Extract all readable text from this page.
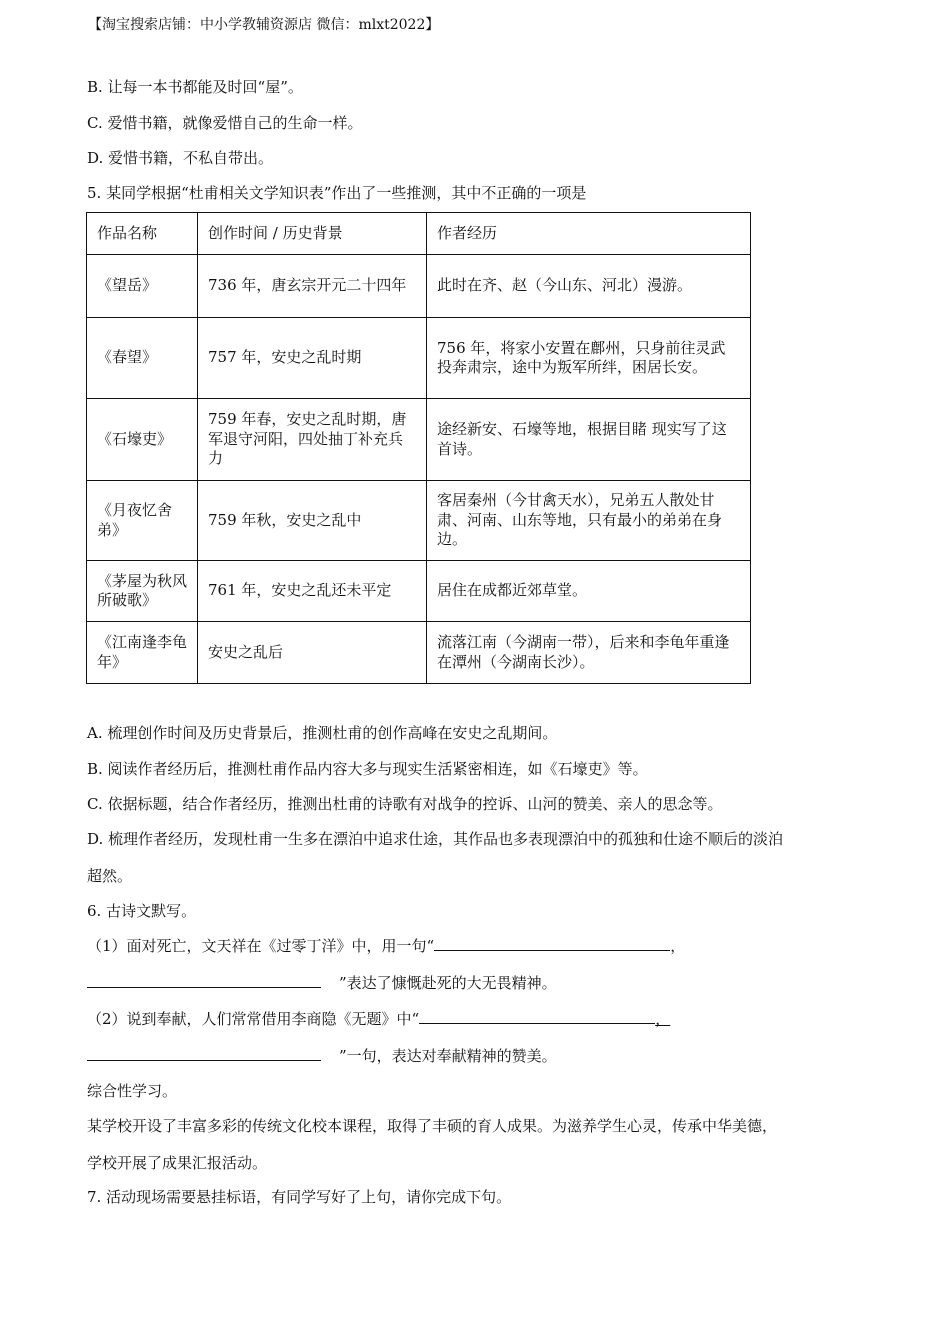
【淘宝搜索店铺：中小学教辅资源店 微信：mlxt2022】
B. 让每一本书都能及时回“屋”。
C. 爱惜书籍，就像爱惜自己的生命一样。
D. 爱惜书籍，不私自带出。
5. 某同学根据“杜甫相关文学知识表”作出了一些推测，其中不正确的一项是
作品名称	创作时间 / 历史背景	作者经历
《望岳》	736 年，唐玄宗开元二十四年	此时在齐、赵（今山东、河北）漫游。
《春望》	757 年，安史之乱时期	756 年，将家小安置在鄜州，只身前往灵武投奔肃宗，途中为叛军所绊，困居长安。
《石壕吏》	759 年春，安史之乱时期，唐军退守河阳，四处抽丁补充兵力	途经新安、石壕等地，根据目睹 现实写了这首诗。
《月夜忆舍弟》	759 年秋，安史之乱中	客居秦州（今甘禽天水），兄弟五人散处甘肃、河南、山东等地，只有最小的弟弟在身边。
《茅屋为秋风所破歌》	761 年，安史之乱还未平定	居住在成都近郊草堂。
《江南逢李龟年》	安史之乱后	流落江南（今湖南一带），后来和李龟年重逢在潭州（今湖南长沙）。
A. 梳理创作时间及历史背景后，推测杜甫的创作高峰在安史之乱期间。
B. 阅读作者经历后，推测杜甫作品内容大多与现实生活紧密相连，如《石壕吏》等。
C. 依据标题，结合作者经历，推测出杜甫的诗歌有对战争的控诉、山河的赞美、亲人的思念等。
D. 梳理作者经历，发现杜甫一生多在漂泊中追求仕途，其作品也多表现漂泊中的孤独和仕途不顺后的淡泊
超然。
6. 古诗文默写。
（1）面对死亡，文天祥在《过零丁洋》中，用一句“	，
”表达了慷慨赴死的大无畏精神。
（2）说到奉献，人们常常借用李商隐《无题》中“	，
”一句，表达对奉献精神的赞美。
综合性学习。
某学校开设了丰富多彩的传统文化校本课程，取得了丰硕的育人成果。为滋养学生心灵，传承中华美德，
学校开展了成果汇报活动。
7. 活动现场需要悬挂标语，有同学写好了上句，请你完成下句。
